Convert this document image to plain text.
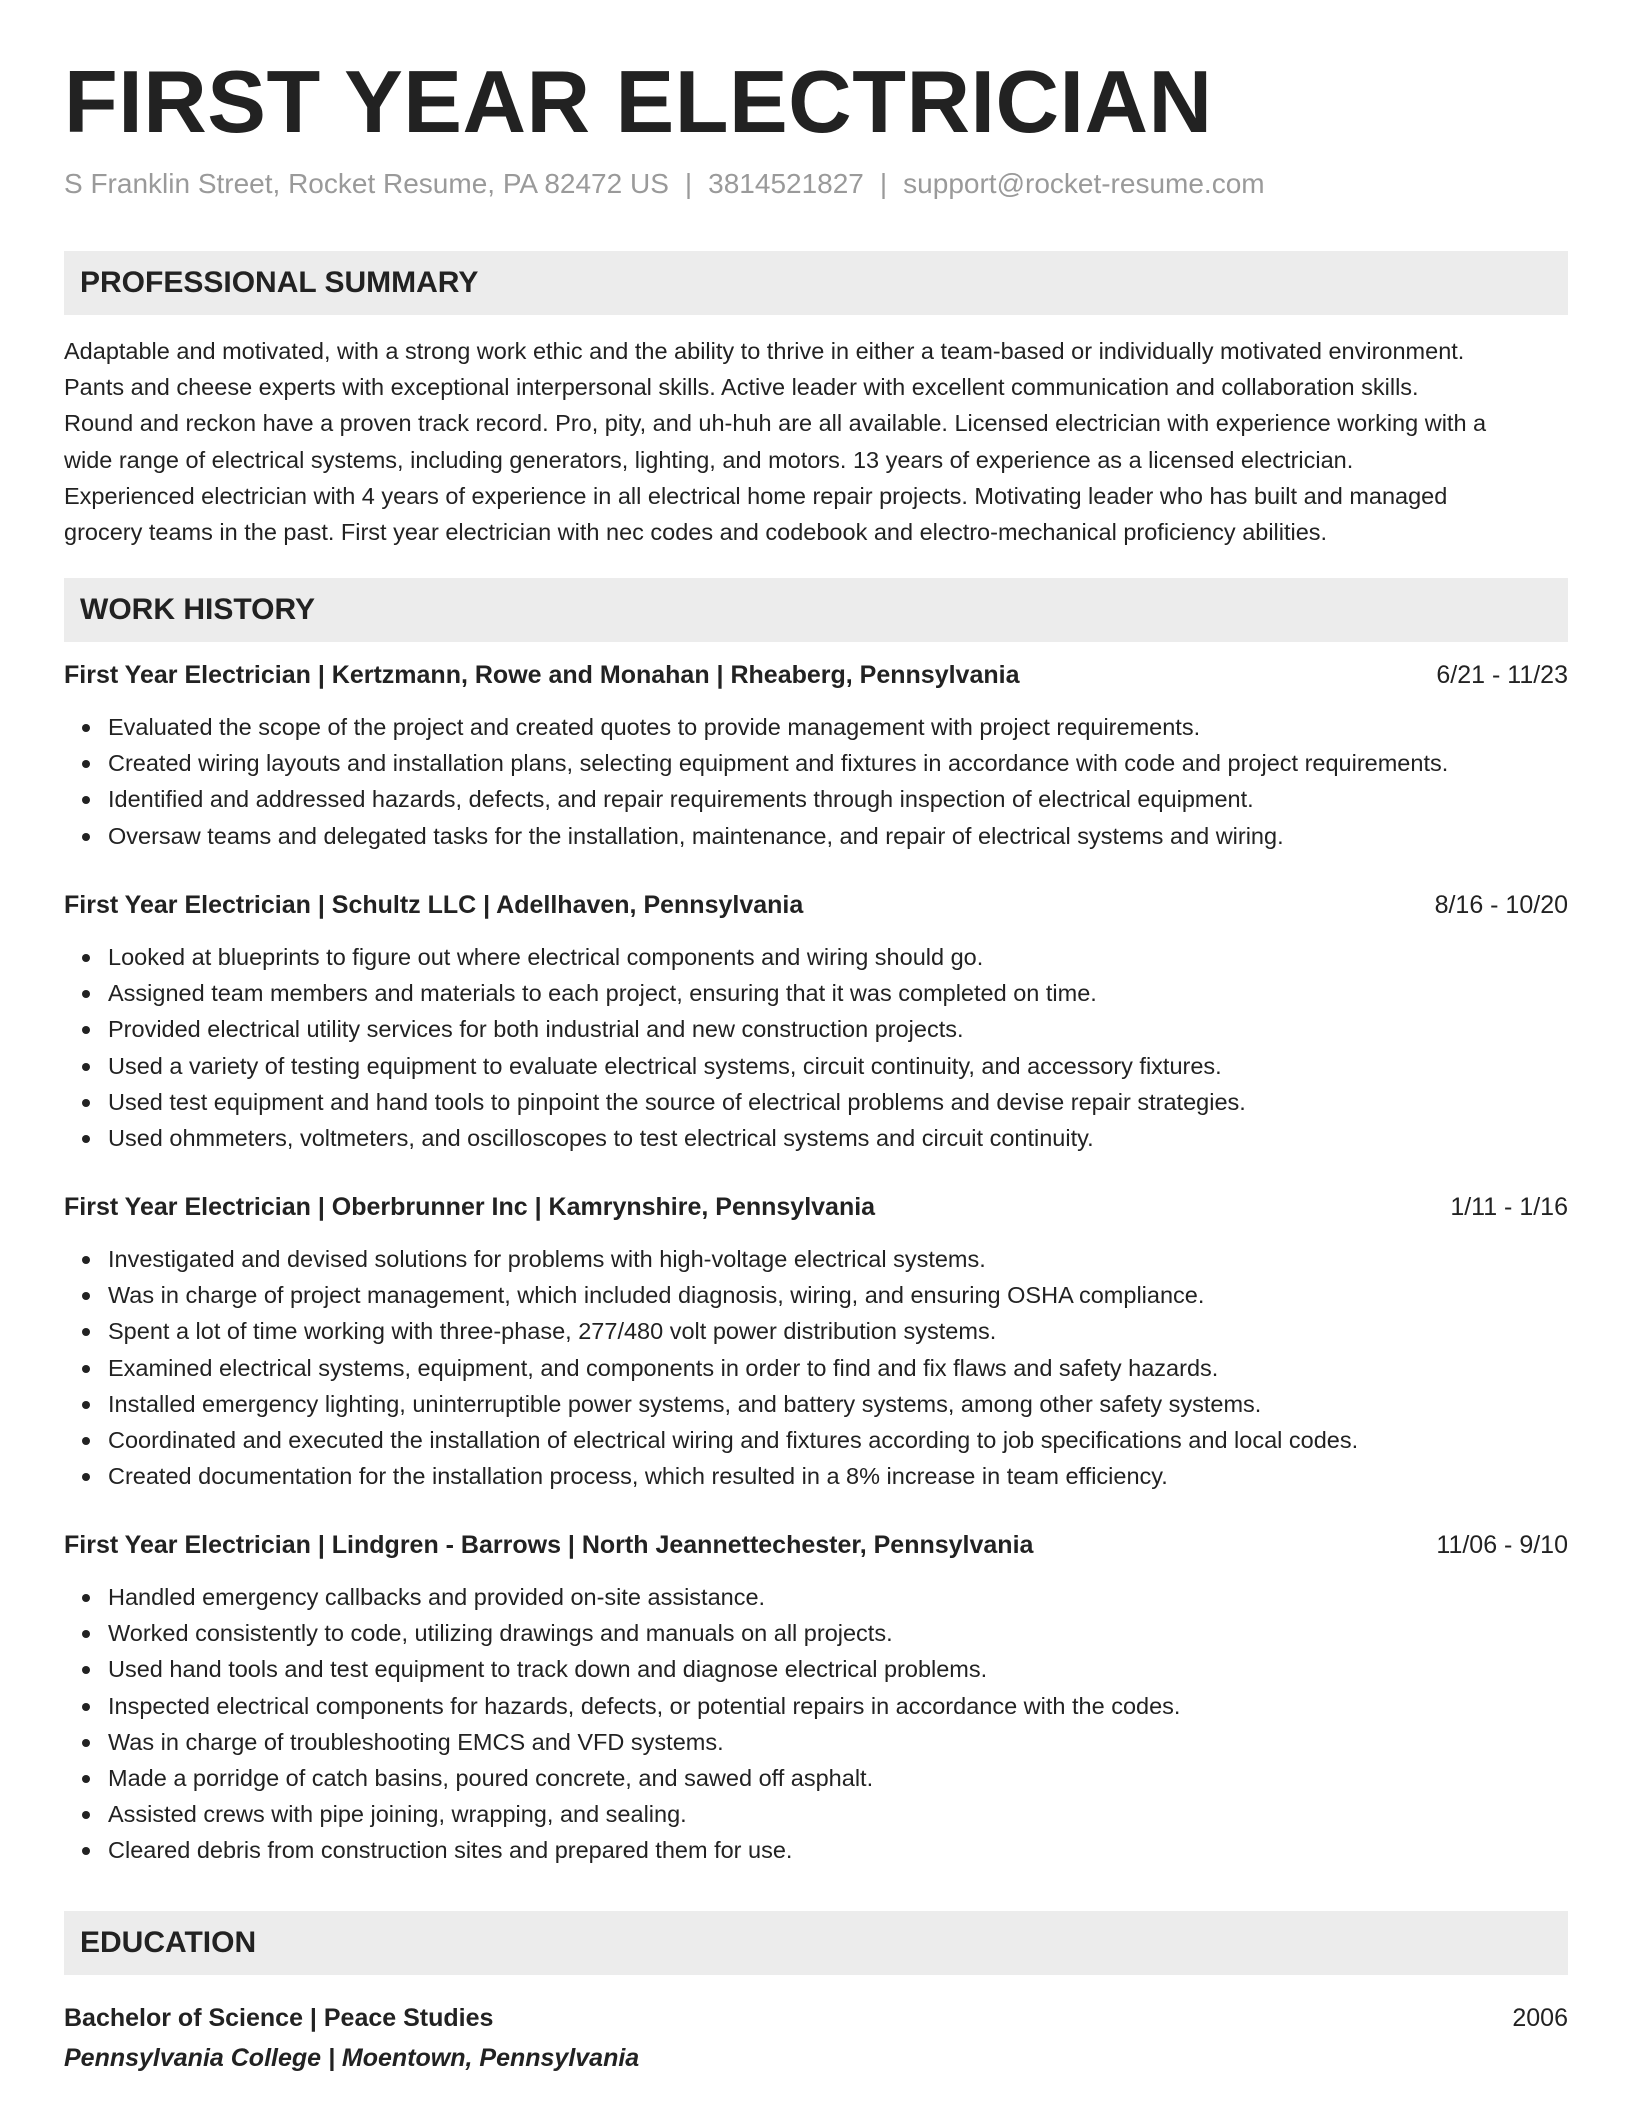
FIRST YEAR ELECTRICIAN
S Franklin Street, Rocket Resume, PA 82472 US | 3814521827 | support@rocket-resume.com
PROFESSIONAL SUMMARY

Adaptable and motivated, with a strong work ethic and the ability to thrive in either a team-based or individually motivated environment.
Pants and cheese experts with exceptional interpersonal skills. Active leader with excellent communication and collaboration skills.
Round and reckon have a proven track record. Pro, pity, and uh-huh are all available. Licensed electrician with experience working with a
wide range of electrical systems, including generators, lighting, and motors. 13 years of experience as a licensed electrician.
Experienced electrician with 4 years of experience in all electrical home repair projects. Motivating leader who has built and managed
grocery teams in the past. First year electrician with nec codes and codebook and electro-mechanical proficiency abilities.

WORK HISTORY
First Year Electrician | Kertzmann, Rowe and Monahan | Rheaberg, Pennsylvania	6/21 - 11/23
Evaluated the scope of the project and created quotes to provide management with project requirements.
Created wiring layouts and installation plans, selecting equipment and fixtures in accordance with code and project requirements.
Identified and addressed hazards, defects, and repair requirements through inspection of electrical equipment.
Oversaw teams and delegated tasks for the installation, maintenance, and repair of electrical systems and wiring.
First Year Electrician | Schultz LLC | Adellhaven, Pennsylvania	8/16 - 10/20
Looked at blueprints to figure out where electrical components and wiring should go.
Assigned team members and materials to each project, ensuring that it was completed on time.
Provided electrical utility services for both industrial and new construction projects.
Used a variety of testing equipment to evaluate electrical systems, circuit continuity, and accessory fixtures.
Used test equipment and hand tools to pinpoint the source of electrical problems and devise repair strategies.
Used ohmmeters, voltmeters, and oscilloscopes to test electrical systems and circuit continuity.
First Year Electrician | Oberbrunner Inc | Kamrynshire, Pennsylvania	1/11 - 1/16
Investigated and devised solutions for problems with high-voltage electrical systems.
Was in charge of project management, which included diagnosis, wiring, and ensuring OSHA compliance.
Spent a lot of time working with three-phase, 277/480 volt power distribution systems.
Examined electrical systems, equipment, and components in order to find and fix flaws and safety hazards.
Installed emergency lighting, uninterruptible power systems, and battery systems, among other safety systems.
Coordinated and executed the installation of electrical wiring and fixtures according to job specifications and local codes.
Created documentation for the installation process, which resulted in a 8% increase in team efficiency.
First Year Electrician | Lindgren - Barrows | North Jeannettechester, Pennsylvania	11/06 - 9/10
Handled emergency callbacks and provided on-site assistance.
Worked consistently to code, utilizing drawings and manuals on all projects.
Used hand tools and test equipment to track down and diagnose electrical problems.
Inspected electrical components for hazards, defects, or potential repairs in accordance with the codes.
Was in charge of troubleshooting EMCS and VFD systems.
Made a porridge of catch basins, poured concrete, and sawed off asphalt.
Assisted crews with pipe joining, wrapping, and sealing.
Cleared debris from construction sites and prepared them for use.
EDUCATION
Bachelor of Science | Peace Studies	2006
Pennsylvania College | Moentown, Pennsylvania
